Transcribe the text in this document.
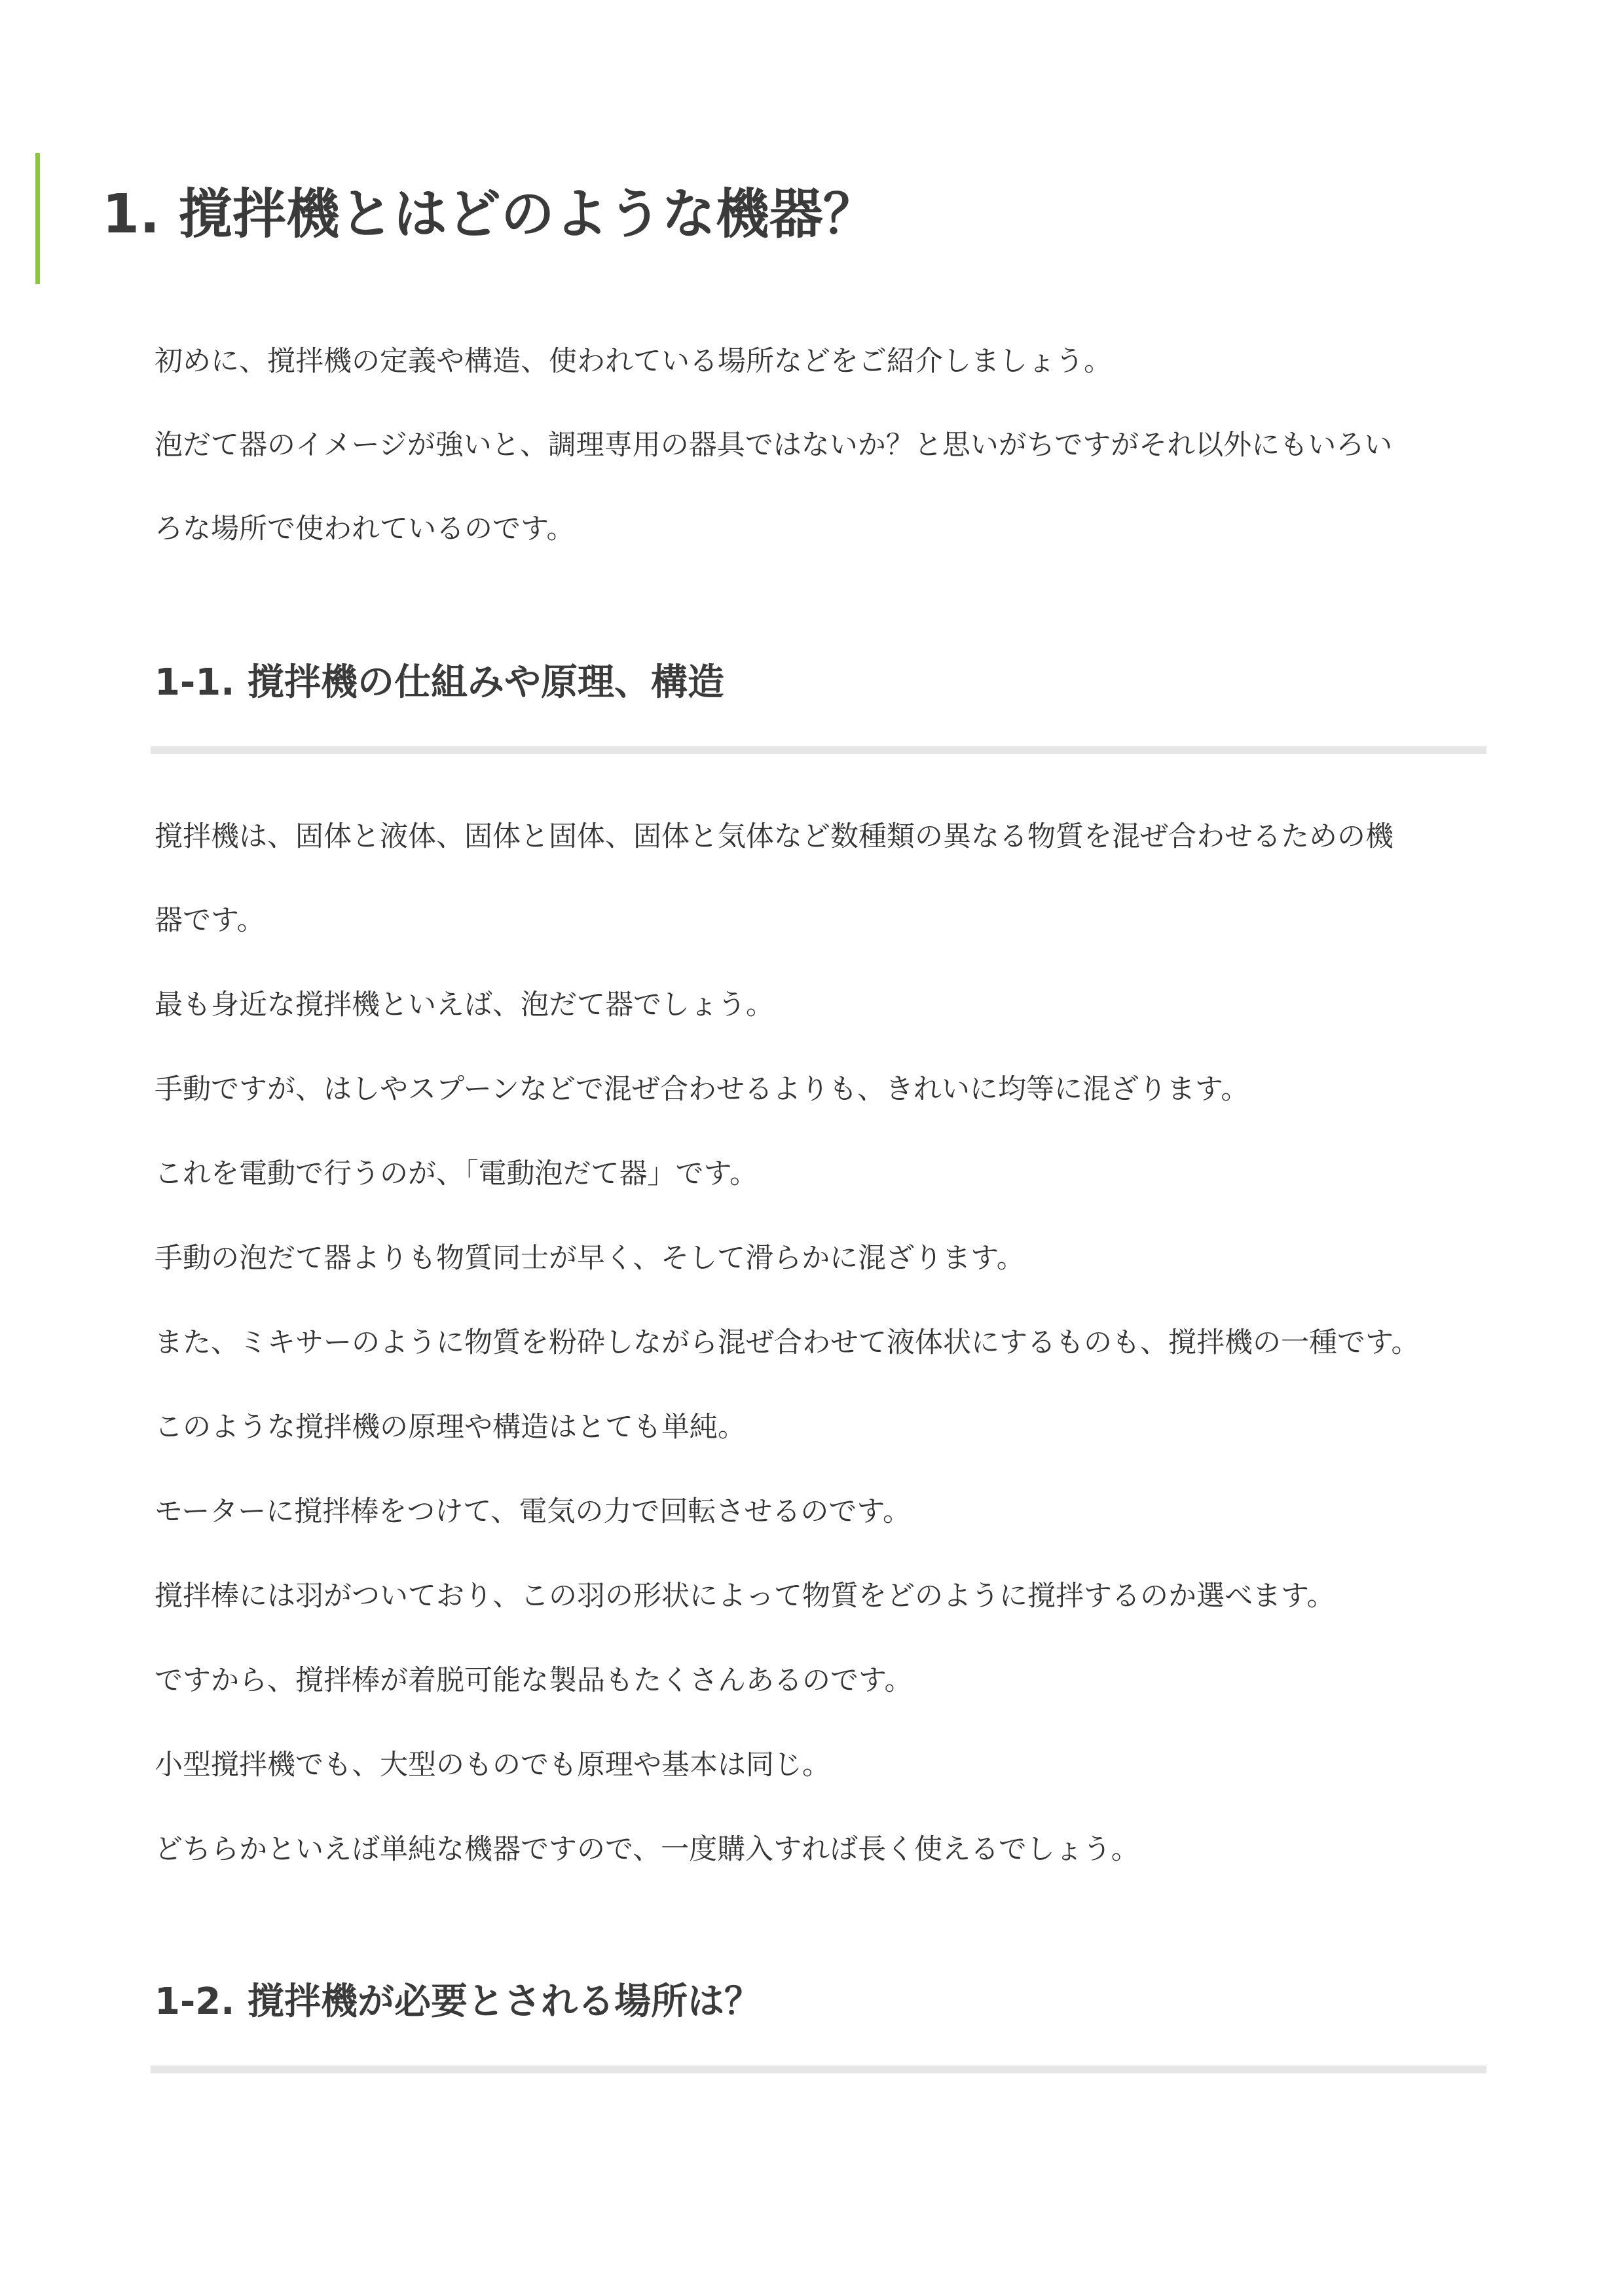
1. 撹拌機とはどのような機器？

初めに、撹拌機の定義や構造、使われている場所などをご紹介しましょう。

泡だて器のイメージが強いと、調理専用の器具ではないか？と思いがちですがそれ以外にもいろい

ろな場所で使われているのです。

1-1. 撹拌機の仕組みや原理、構造

撹拌機は、固体と液体、固体と固体、固体と気体など数種類の異なる物質を混ぜ合わせるための機

器です。

最も身近な撹拌機といえば、泡だて器でしょう。

手動ですが、はしやスプーンなどで混ぜ合わせるよりも、きれいに均等に混ざります。

これを電動で行うのが、「電動泡だて器」です。

手動の泡だて器よりも物質同士が早く、そして滑らかに混ざります。

また、ミキサーのように物質を粉砕しながら混ぜ合わせて液体状にするものも、撹拌機の一種です。

このような撹拌機の原理や構造はとても単純。

モーターに撹拌棒をつけて、電気の力で回転させるのです。

撹拌棒には羽がついており、この羽の形状によって物質をどのように撹拌するのか選べます。

ですから、撹拌棒が着脱可能な製品もたくさんあるのです。

小型撹拌機でも、大型のものでも原理や基本は同じ。

どちらかといえば単純な機器ですので、一度購入すれば長く使えるでしょう。

1-2. 撹拌機が必要とされる場所は？
